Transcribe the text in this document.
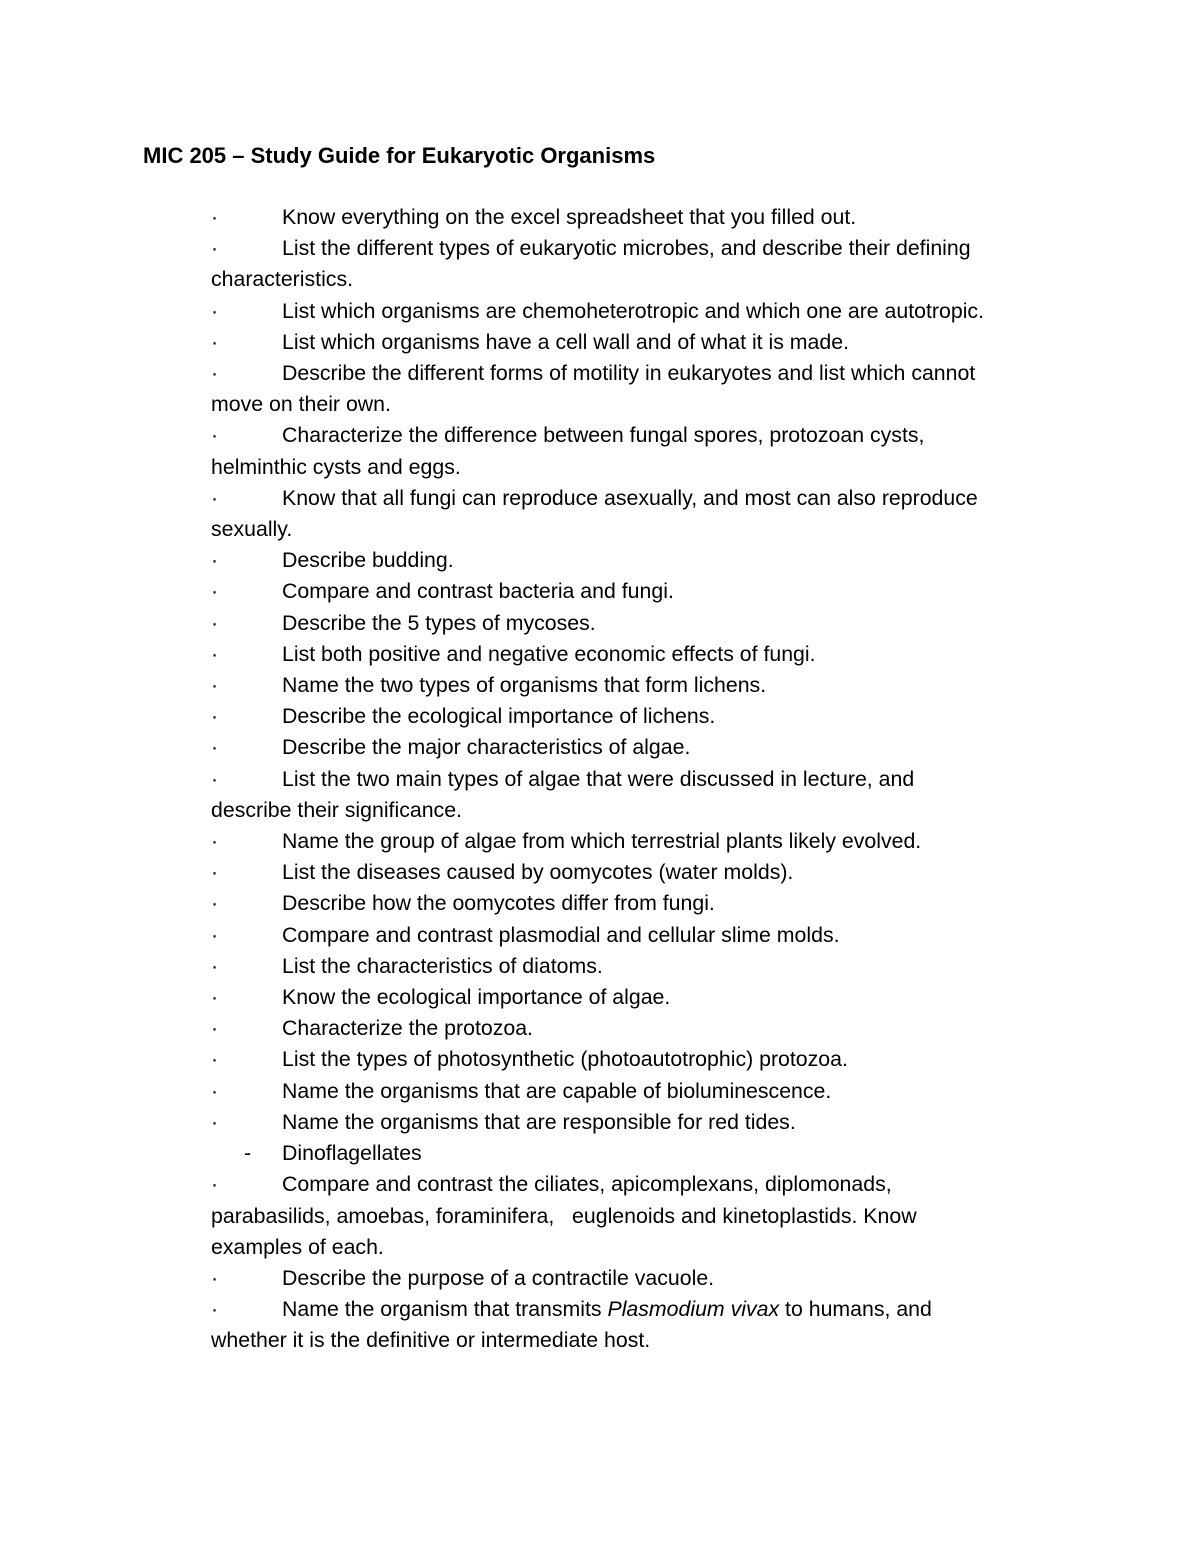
MIC 205 – Study Guide for Eukaryotic Organisms
·	Know everything on the excel spreadsheet that you filled out.
·	List the different types of eukaryotic microbes, and describe their defining
characteristics.
·	List which organisms are chemoheterotropic and which one are autotropic.
·	List which organisms have a cell wall and of what it is made.
·	Describe the different forms of motility in eukaryotes and list which cannot
move on their own.
·	Characterize the difference between fungal spores, protozoan cysts,
helminthic cysts and eggs.
·	Know that all fungi can reproduce asexually, and most can also reproduce
sexually.
·	Describe budding.
·	Compare and contrast bacteria and fungi.
·	Describe the 5 types of mycoses.
·	List both positive and negative economic effects of fungi.
·	Name the two types of organisms that form lichens.
·	Describe the ecological importance of lichens.
·	Describe the major characteristics of algae.
·	List the two main types of algae that were discussed in lecture, and
describe their significance.
·	Name the group of algae from which terrestrial plants likely evolved.
·	List the diseases caused by oomycotes (water molds).
·	Describe how the oomycotes differ from fungi.
·	Compare and contrast plasmodial and cellular slime molds.
·	List the characteristics of diatoms.
·	Know the ecological importance of algae.
·	Characterize the protozoa.
·	List the types of photosynthetic (photoautotrophic) protozoa.
·	Name the organisms that are capable of bioluminescence.
·	Name the organisms that are responsible for red tides.
- Dinoflagellates
·	Compare and contrast the ciliates, apicomplexans, diplomonads,
parabasilids, amoebas, foraminifera,   euglenoids and kinetoplastids. Know
examples of each.
·	Describe the purpose of a contractile vacuole.
·	Name the organism that transmits Plasmodium vivax to humans, and
whether it is the definitive or intermediate host.
